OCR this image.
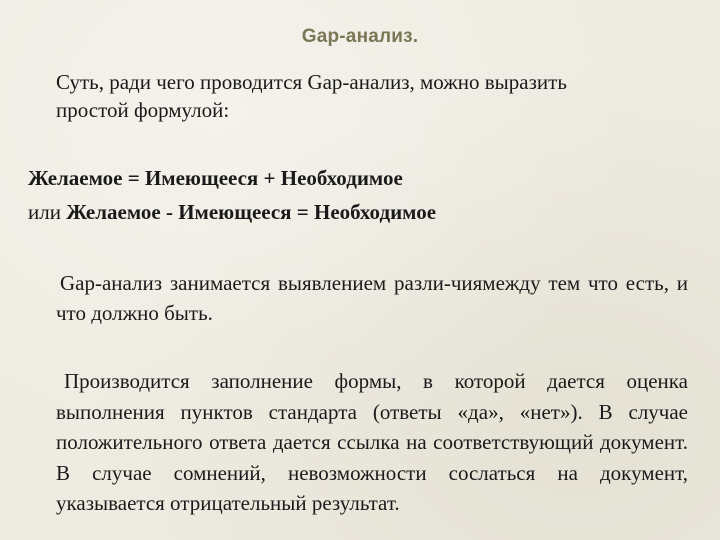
Gap-анализ.
Суть, ради чего проводится Gap-анализ, можно выразить
простой формулой:
Желаемое = Имеющееся + Необходимое
или Желаемое - Имеющееся = Необходимое
Gap-анализ занимается выявлением разли-чиямежду тем что есть, и что должно быть.
Производится заполнение формы, в которой дается оценка выполнения пунктов стандарта (ответы «да», «нет»). В случае положительного ответа дается ссылка на соответствующий документ. В случае сомнений, невозможности сослаться на документ, указывается отрицательный результат.
